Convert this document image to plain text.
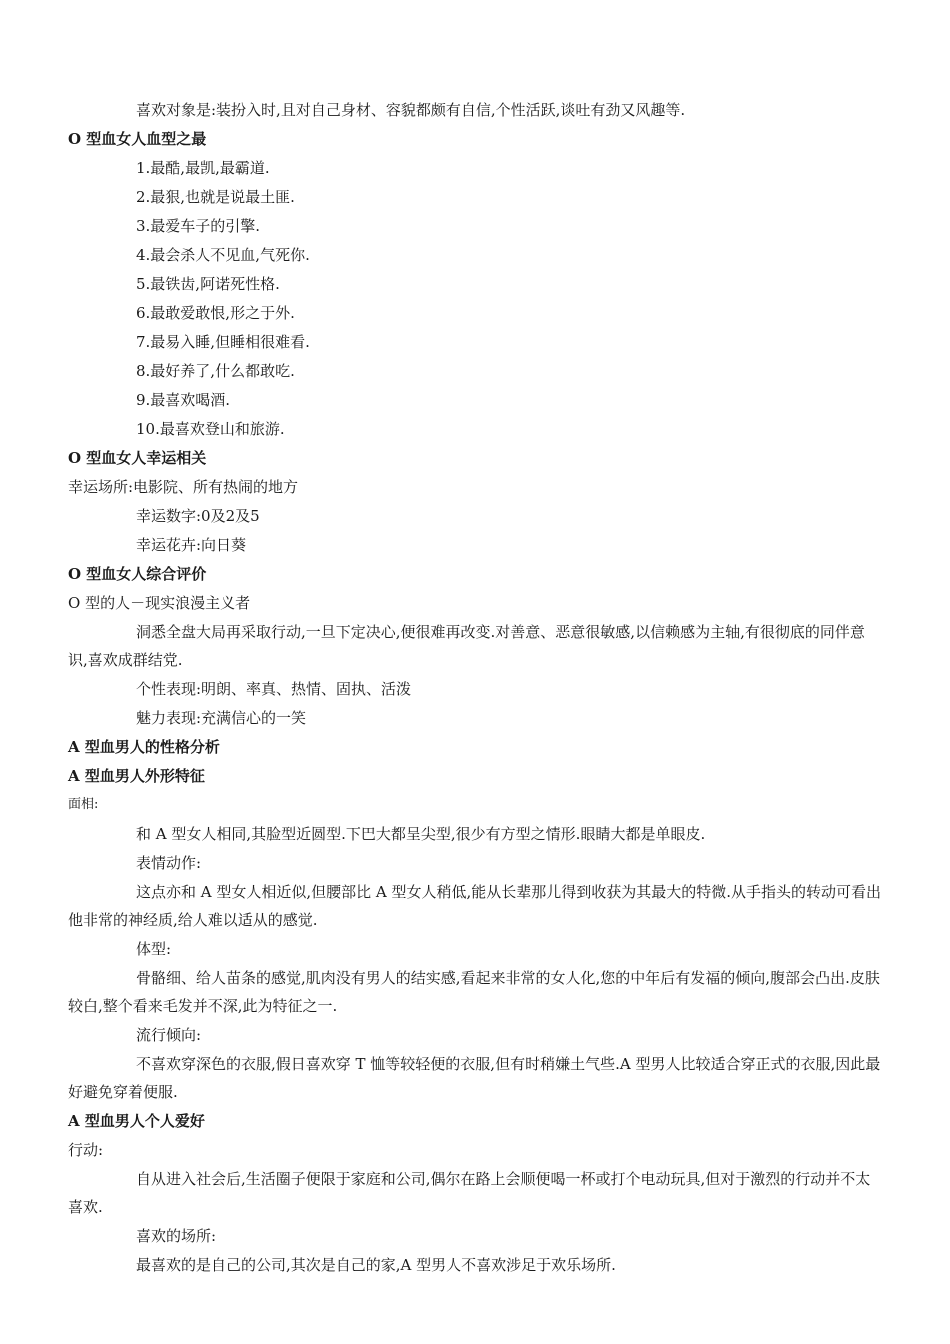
喜欢对象是:装扮入时,且对自己身材、容貌都颇有自信,个性活跃,谈吐有劲又风趣等.
O 型血女人血型之最
1.最酷,最凯,最霸道.
2.最狠,也就是说最土匪.
3.最爱车子的引擎.
4.最会杀人不见血,气死你.
5.最铁齿,阿诺死性格.
6.最敢爱敢恨,形之于外.
7.最易入睡,但睡相很难看.
8.最好养了,什么都敢吃.
9.最喜欢喝酒.
10.最喜欢登山和旅游.
O 型血女人幸运相关
幸运场所:电影院、所有热闹的地方
幸运数字:0及2及5
幸运花卉:向日葵
O 型血女人综合评价
O 型的人－现实浪漫主义者
洞悉全盘大局再采取行动,一旦下定决心,便很难再改变.对善意、恶意很敏感,以信赖感为主轴,有很彻底的同伴意识,喜欢成群结党.
个性表现:明朗、率真、热情、固执、活泼
魅力表现:充满信心的一笑
A 型血男人的性格分析
A 型血男人外形特征
面相:
和 A 型女人相同,其脸型近圆型.下巴大都呈尖型,很少有方型之情形.眼睛大都是单眼皮.
表情动作:
这点亦和 A 型女人相近似,但腰部比 A 型女人稍低,能从长辈那儿得到收获为其最大的特微.从手指头的转动可看出他非常的神经质,给人难以适从的感觉.
体型:
骨骼细、给人苗条的感觉,肌肉没有男人的结实感,看起来非常的女人化,您的中年后有发福的倾向,腹部会凸出.皮肤较白,整个看来毛发并不深,此为特征之一.
流行倾向:
不喜欢穿深色的衣服,假日喜欢穿 T 恤等较轻便的衣服,但有时稍嫌土气些.A 型男人比较适合穿正式的衣服,因此最好避免穿着便服.
A 型血男人个人爱好
行动:
自从进入社会后,生活圈子便限于家庭和公司,偶尔在路上会顺便喝一杯或打个电动玩具,但对于激烈的行动并不太喜欢.
喜欢的场所:
最喜欢的是自己的公司,其次是自己的家,A 型男人不喜欢涉足于欢乐场所.
